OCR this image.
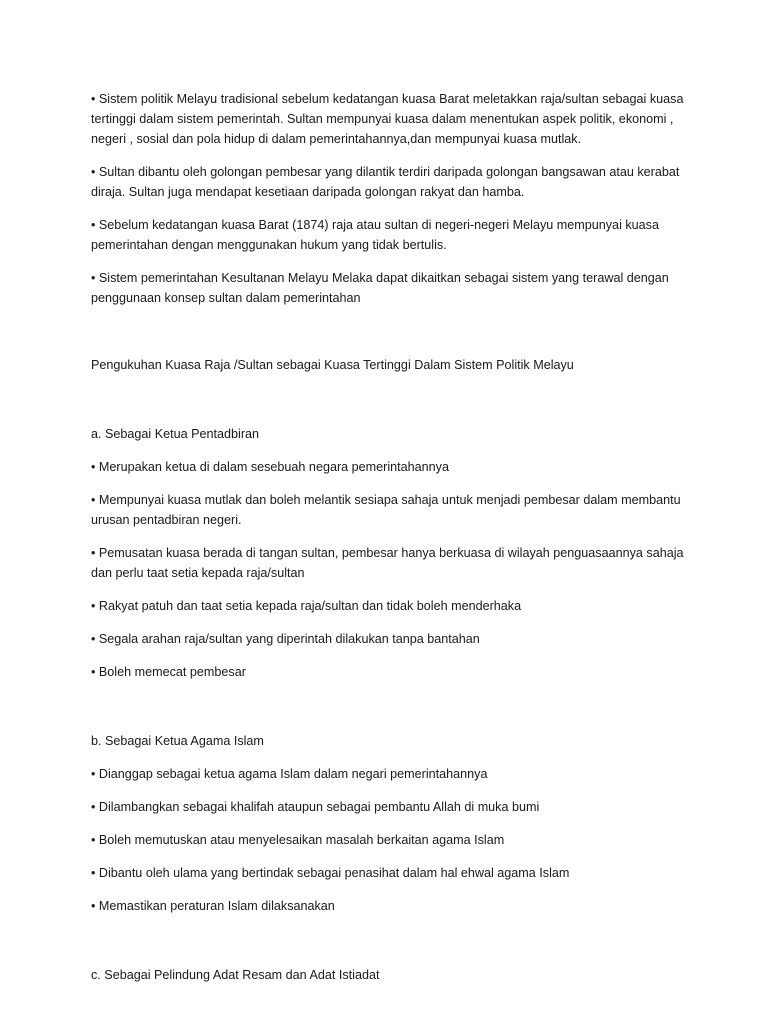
• Sistem politik Melayu tradisional sebelum kedatangan kuasa Barat meletakkan raja/sultan sebagai kuasa tertinggi dalam sistem pemerintah. Sultan mempunyai kuasa dalam menentukan aspek politik, ekonomi , negeri , sosial dan pola hidup di dalam pemerintahannya,dan mempunyai kuasa mutlak.

• Sultan dibantu oleh golongan pembesar yang dilantik terdiri daripada golongan bangsawan atau kerabat diraja. Sultan juga mendapat kesetiaan daripada golongan rakyat dan hamba.

• Sebelum kedatangan kuasa Barat (1874) raja atau sultan di negeri-negeri Melayu mempunyai kuasa pemerintahan dengan menggunakan hukum yang tidak bertulis.

• Sistem pemerintahan Kesultanan Melayu Melaka dapat dikaitkan sebagai sistem yang terawal dengan penggunaan konsep sultan dalam pemerintahan

Pengukuhan Kuasa Raja /Sultan sebagai Kuasa Tertinggi Dalam Sistem Politik Melayu

a. Sebagai Ketua Pentadbiran

• Merupakan ketua di dalam sesebuah negara pemerintahannya

• Mempunyai kuasa mutlak dan boleh melantik sesiapa sahaja untuk menjadi pembesar dalam membantu urusan pentadbiran negeri.

• Pemusatan kuasa berada di tangan sultan, pembesar hanya berkuasa di wilayah penguasaannya sahaja dan perlu taat setia kepada raja/sultan

• Rakyat patuh dan taat setia kepada raja/sultan dan tidak boleh menderhaka

• Segala arahan raja/sultan yang diperintah dilakukan tanpa bantahan

• Boleh memecat pembesar

b. Sebagai Ketua Agama Islam

• Dianggap sebagai ketua agama Islam dalam negari pemerintahannya

• Dilambangkan sebagai khalifah ataupun sebagai pembantu Allah di muka bumi

• Boleh memutuskan atau menyelesaikan masalah berkaitan agama Islam

• Dibantu oleh ulama yang bertindak sebagai penasihat dalam hal ehwal agama Islam

• Memastikan peraturan Islam dilaksanakan

c. Sebagai Pelindung Adat Resam dan Adat Istiadat
